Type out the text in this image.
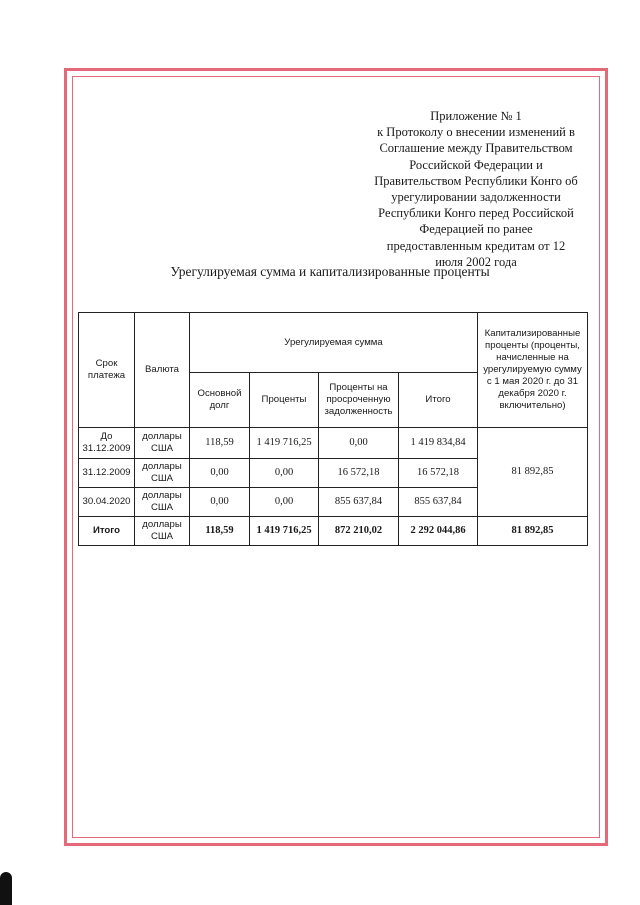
Приложение № 1
к Протоколу о внесении изменений в
Соглашение между Правительством
Российской Федерации и
Правительством Республики Конго об
урегулировании задолженности
Республики Конго перед Российской
Федерацией по ранее
предоставленным кредитам от 12
июля 2002 года
Урегулируемая сумма и капитализированные проценты
Срок платежа	Валюта	Урегулируемая сумма				Капитализированные проценты (проценты, начисленные на урегулируемую сумму с 1 мая 2020 г. до 31 декабря 2020 г. включительно)
		Основной долг	Проценты	Проценты на просроченную задолженность	Итого	
До 31.12.2009	доллары США	118,59	1 419 716,25	0,00	1 419 834,84	81 892,85
31.12.2009	доллары США	0,00	0,00	16 572,18	16 572,18	
30.04.2020	доллары США	0,00	0,00	855 637,84	855 637,84	
Итого	доллары США	118,59	1 419 716,25	872 210,02	2 292 044,86	81 892,85
